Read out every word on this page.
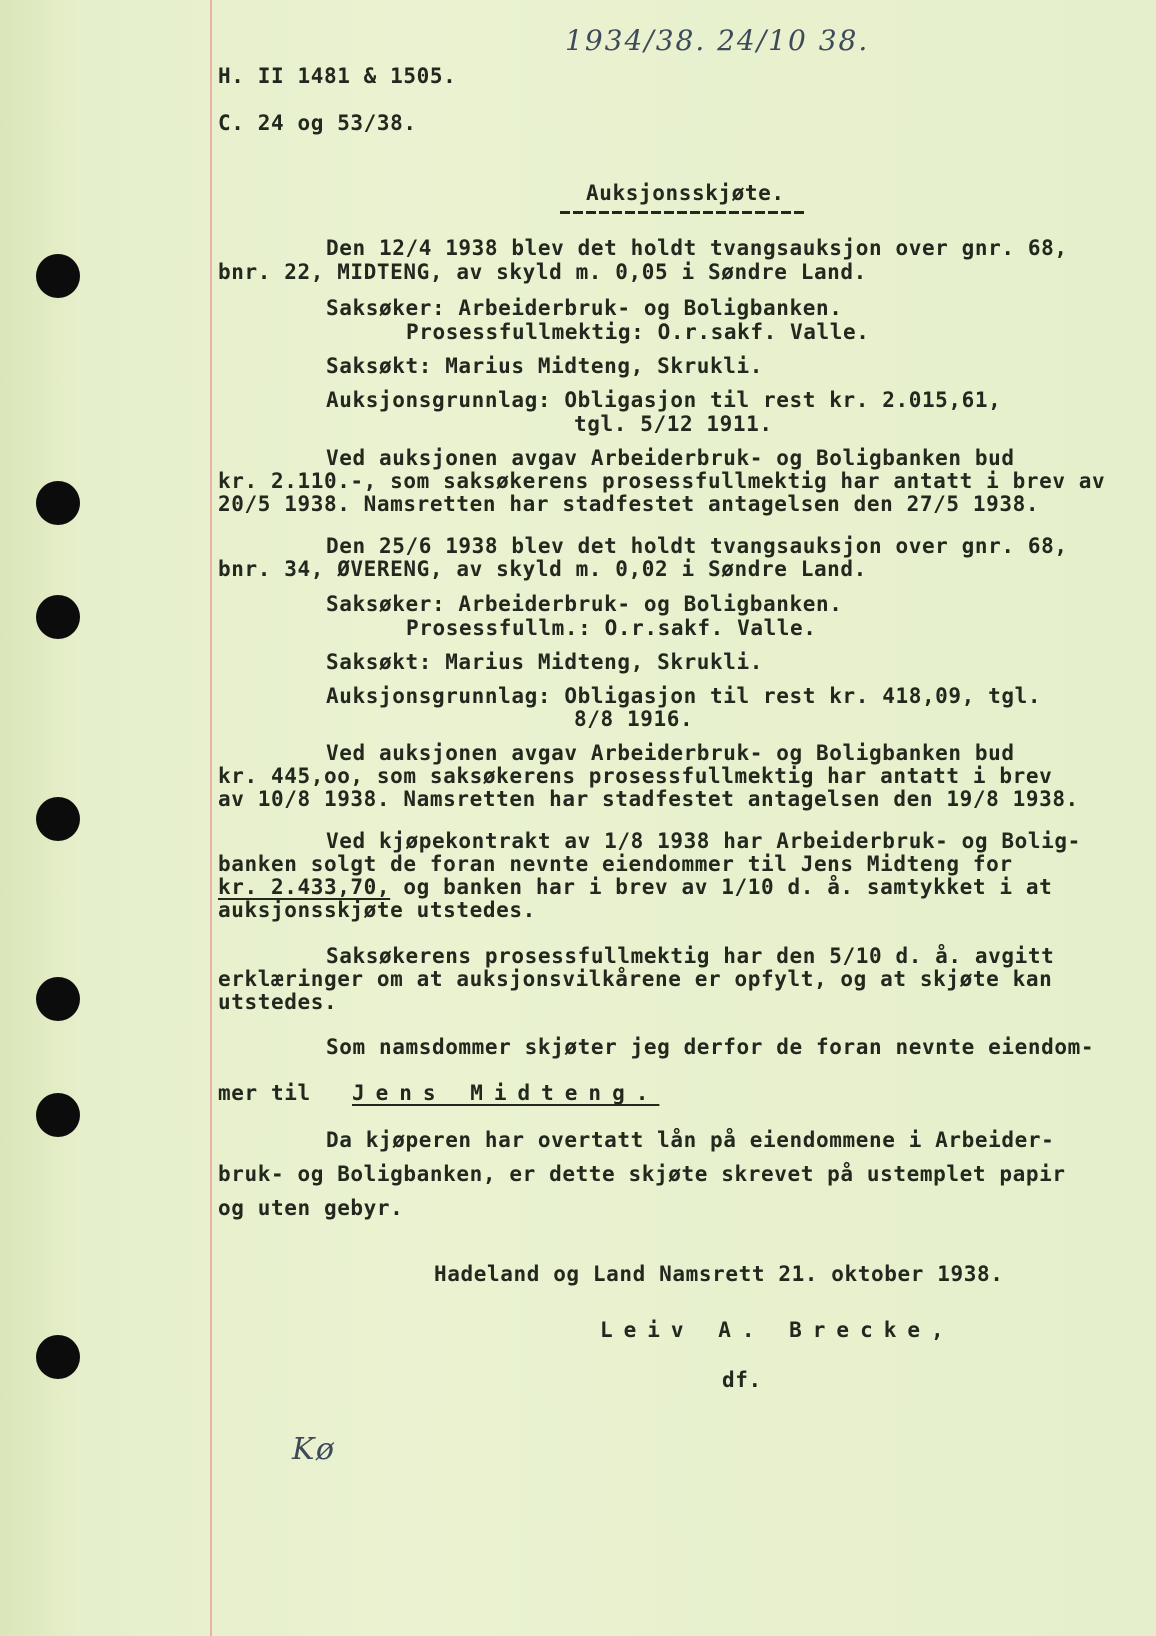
1934/38. 24/10 38.
H. II 1481 & 1505.
C. 24 og 53/38.
Auksjonsskjøte.
Den 12/4 1938 blev det holdt tvangsauksjon over gnr. 68,
bnr. 22, MIDTENG, av skyld m. 0,05 i Søndre Land.
Saksøker: Arbeiderbruk- og Boligbanken.
Prosessfullmektig: O.r.sakf. Valle.
Saksøkt: Marius Midteng, Skrukli.
Auksjonsgrunnlag: Obligasjon til rest kr. 2.015,61,
tgl. 5/12 1911.
Ved auksjonen avgav Arbeiderbruk- og Boligbanken bud
kr. 2.110.-, som saksøkerens prosessfullmektig har antatt i brev av
20/5 1938. Namsretten har stadfestet antagelsen den 27/5 1938.
Den 25/6 1938 blev det holdt tvangsauksjon over gnr. 68,
bnr. 34, ØVERENG, av skyld m. 0,02 i Søndre Land.
Saksøker: Arbeiderbruk- og Boligbanken.
Prosessfullm.: O.r.sakf. Valle.
Saksøkt: Marius Midteng, Skrukli.
Auksjonsgrunnlag: Obligasjon til rest kr. 418,09, tgl.
8/8 1916.
Ved auksjonen avgav Arbeiderbruk- og Boligbanken bud
kr. 445,oo, som saksøkerens prosessfullmektig har antatt i brev
av 10/8 1938. Namsretten har stadfestet antagelsen den 19/8 1938.
Ved kjøpekontrakt av 1/8 1938 har Arbeiderbruk- og Bolig-
banken solgt de foran nevnte eiendommer til Jens Midteng for
kr. 2.433,70, og banken har i brev av 1/10 d. å. samtykket i at
auksjonsskjøte utstedes.
Saksøkerens prosessfullmektig har den 5/10 d. å. avgitt
erklæringer om at auksjonsvilkårene er opfylt, og at skjøte kan
utstedes.
Som namsdommer skjøter jeg derfor de foran nevnte eiendom-
mer til Jens Midteng.
Da kjøperen har overtatt lån på eiendommene i Arbeider-
bruk- og Boligbanken, er dette skjøte skrevet på ustemplet papir
og uten gebyr.
Hadeland og Land Namsrett 21. oktober 1938.
Leiv A. Brecke,
df.
Kø
